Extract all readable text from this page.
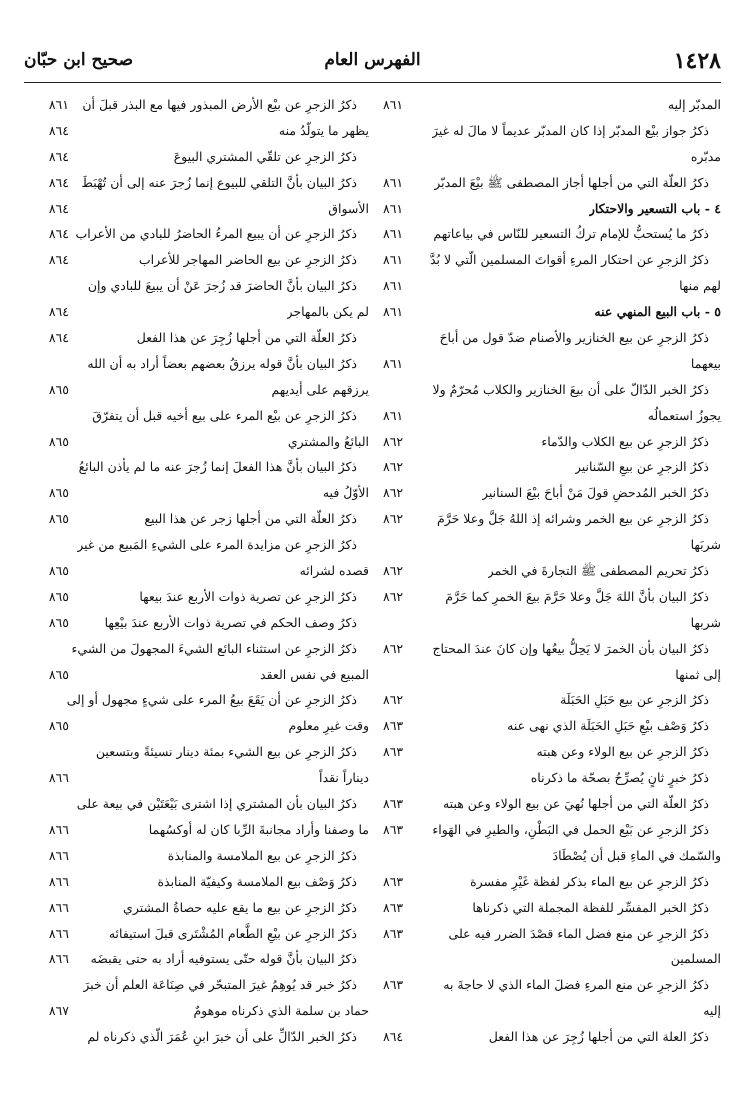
١٤٢٨
الفهرس العام
صحيح ابن حبّان
المدبّر إليه
٨٦١
ذكرُ جواز بيْع المدبّر إذا كان المدبّر عديماً لا مالَ له غيرَ
مدبّره
ذكرُ العلّة التي من أجلها أجاز المصطفى ﷺ بيْعَ المدبّر
٨٦١
٤ - باب التسعير والاحتكار
٨٦١
ذكرُ ما يُستحبُّ للإمام تركُ التسعير للنّاس في بياعاتهم
٨٦١
ذكرُ الزجرِ عن احتكار المرءِ أقواتَ المسلمين الّتي لا بُدَّ
٨٦١
لهم منها
٨٦١
٥ - باب البيع المنهي عنه
٨٦١
ذكرُ الزجرِ عن بيع الخنازير والأصنام ضدّ قول من أباحَ
بيعهما
٨٦١
ذكرُ الخبر الدّالّ على أن بيعَ الخنازير والكلاب مُحرّمٌ ولا
يجوزُ استعمالُه
٨٦١
ذكرُ الزجرِ عن بيع الكلاب والدّماء
٨٦٢
ذكرُ الزجرِ عن بيعِ السّنانير
٨٦٢
ذكرُ الخبر المُدحضِ قولَ مَنْ أباحَ بيْعَ السنانير
٨٦٢
ذكرُ الزجرِ عن بيع الخمر وشرائه إذ اللهُ جَلَّ وعلا حَرَّمَ
٨٦٢
شربَها
ذكرُ تحريم المصطفى ﷺ التجارةَ في الخمر
٨٦٢
ذكرُ البيان بأنَّ اللهَ جَلَّ وعلا حَرَّمَ بيعَ الخمرِ كما حَرَّمَ
٨٦٢
شربها
ذكرُ البيان بأن الخمرَ لا يَحِلُّ بيعُها وإن كانَ عندَ المحتاج
٨٦٢
إلى ثمنها
ذكرُ الزجرِ عن بيع حَبَلِ الحَبَلَة
٨٦٢
ذكرُ وَصْف بيْعِ حَبَلِ الحَبَلَة الذي نهى عنه
٨٦٣
ذكرُ الزجرِ عن بيع الولاء وعن هبته
٨٦٣
ذكرُ خبرٍ ثانٍ يُصرِّحُ بصحّة ما ذكرناه
ذكرُ العلّة التي من أجلها نُهيَ عن بيع الولاء وعن هبته
٨٦٣
ذكرُ الزجرِ عن بَيْع الحمل في البَطْنِ، والطيرِ في الهَواء
٨٦٣
والسّمك في الماءِ قبل أن يُصْطَادَ
ذكرُ الزجرِ عن بيع الماء بذكر لفظة غَيْرِ مفسرة
٨٦٣
ذكرُ الخبر المفسِّر للفظة المجملة التي ذكرناها
٨٦٣
ذكرُ الزجرِ عن منع فضل الماء قصْدَ الضرر فيه على
٨٦٣
المسلمين
ذكرُ الزجرِ عن منع المرءِ فضلَ الماء الذي لا حاجةَ به
٨٦٣
إليه
ذكرُ العلة التي من أجلها زُجِرَ عن هذا الفعل
٨٦٤
ذكرُ الزجرِ عن بيْع الأرض المبذور فيها مع البذر قبلَ أن
٨٦١
يظهر ما يتولّدُ منه
٨٦٤
ذكرُ الزجرِ عن تلقّي المشتري البيوعَ
٨٦٤
ذكرُ البيان بأنَّ التلقي للبيوع إنما زُجرَ عنه إلى أن تُهْبَطَ
٨٦٤
الأسواق
٨٦٤
ذكرُ الزجرِ عن أن يبيع المرءُ الحاضرُ للبادي من الأعراب
٨٦٤
ذكرُ الزجرِ عن بيع الحاضر المهاجر للأعراب
٨٦٤
ذكرُ البيان بأنَّ الحاضرَ قد زُجرَ عَنْ أن يبيعَ للبادي وإن
لم يكن بالمهاجر
٨٦٤
ذكرُ العلّة التي من أجلها زُجِرَ عن هذا الفعل
٨٦٤
ذكرُ البيان بأنَّ قوله يرزقُ بعضهم بعضاً أراد به أن الله
يرزقهم على أيديهم
٨٦٥
ذكرُ الزجرِ عن بيْع المرء على بيع أخيه قبل أن يتفرّقَ
البائعُ والمشتري
٨٦٥
ذكرُ البيان بأنَّ هذا الفعلَ إنما زُجرَ عنه ما لم يأذن البائعُ
الأوّلُ فيه
٨٦٥
ذكرُ العلّة التي من أجلها زجر عن هذا البيع
٨٦٥
ذكرُ الزجرِ عن مزايدة المرء على الشيءِ المَبيع من غير
قصده لشرائه
٨٦٥
ذكرُ الزجرِ عن تصرية ذوات الأربع عندَ بيعها
٨٦٥
ذكرُ وصف الحكم في تصرية ذوات الأربع عندَ بيْعِها
٨٦٥
ذكرُ الزجرِ عن استثناء البائع الشيءَ المجهولَ من الشيء
المبيع في نفس العقد
٨٦٥
ذكرُ الزجرِ عن أن يَقَعَ بيعُ المرء على شيءٍ مجهول أو إلى
وقت غيرِ معلوم
٨٦٥
ذكرُ الزجرِ عن بيع الشيء بمئة دينار نسيئةً وبتسعين
ديناراً نقداً
٨٦٦
ذكرُ البيان بأن المشتري إذا اشترى بَيْعَتَيْن في بيعة على
ما وصفنا وأراد مجانبةَ الرِّبا كان له أوكسُهما
٨٦٦
ذكرُ الزجرِ عن بيع الملامسة والمنابذة
٨٦٦
ذكرُ وَصْف بيع الملامسة وكيفيّة المنابذة
٨٦٦
ذكرُ الزجرِ عن بيع ما يقع عليه حصاةُ المشتري
٨٦٦
ذكرُ الزجرِ عن بيْعِ الطَّعام المُشْتَرى قبلَ استيفائه
٨٦٦
ذكرُ البيان بأنَّ قوله حتّى يستوفيه أراد به حتى يقبضَه
٨٦٦
ذكرُ خبر قد يُوهِمُ غيرَ المتبحّر في صِنَاعَة العلم أن خبرَ
حماد بن سلمة الذي ذكرناه موهومٌ
٨٦٧
ذكرُ الخبر الدّالِّ على أن خبرَ ابنِ عُمَرَ الّذي ذكرناه لم
